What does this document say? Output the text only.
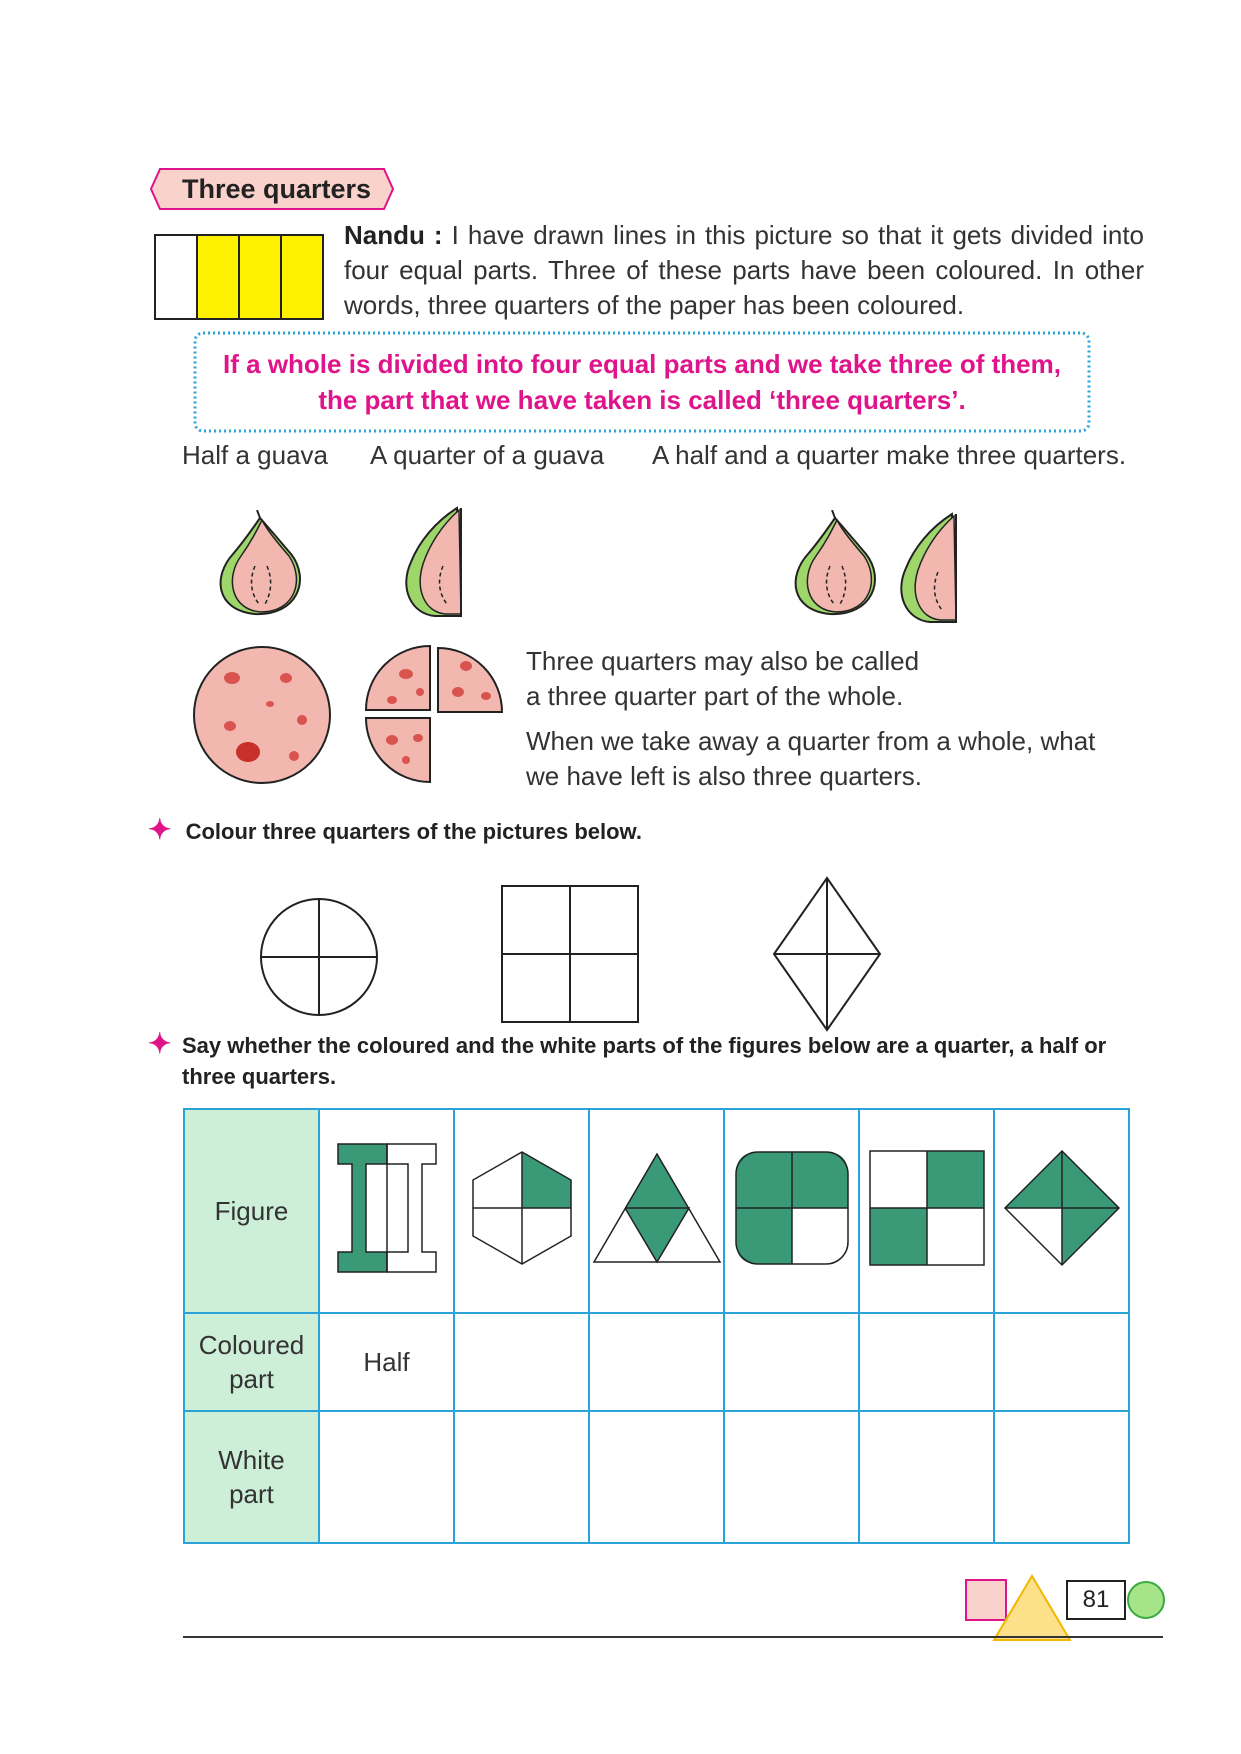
Three quarters
Nandu : I have drawn lines in this picture so that it gets divided into four equal parts. Three of these parts have been coloured. In other words, three quarters of the paper has been coloured.
If a whole is divided into four equal parts and we take three of them,
the part that we have taken is called ‘three quarters’.
Half a guava A quarter of a guava A half and a quarter make three quarters.
Three quarters may also be called
a three quarter part of the whole.
When we take away a quarter from a whole, what
we have left is also three quarters.
✦ Colour three quarters of the pictures below.
✦ Say whether the coloured and the white parts of the figures below are a quarter, a half or three quarters.
Figure						

Coloured
part	Half					

White
part						

81
